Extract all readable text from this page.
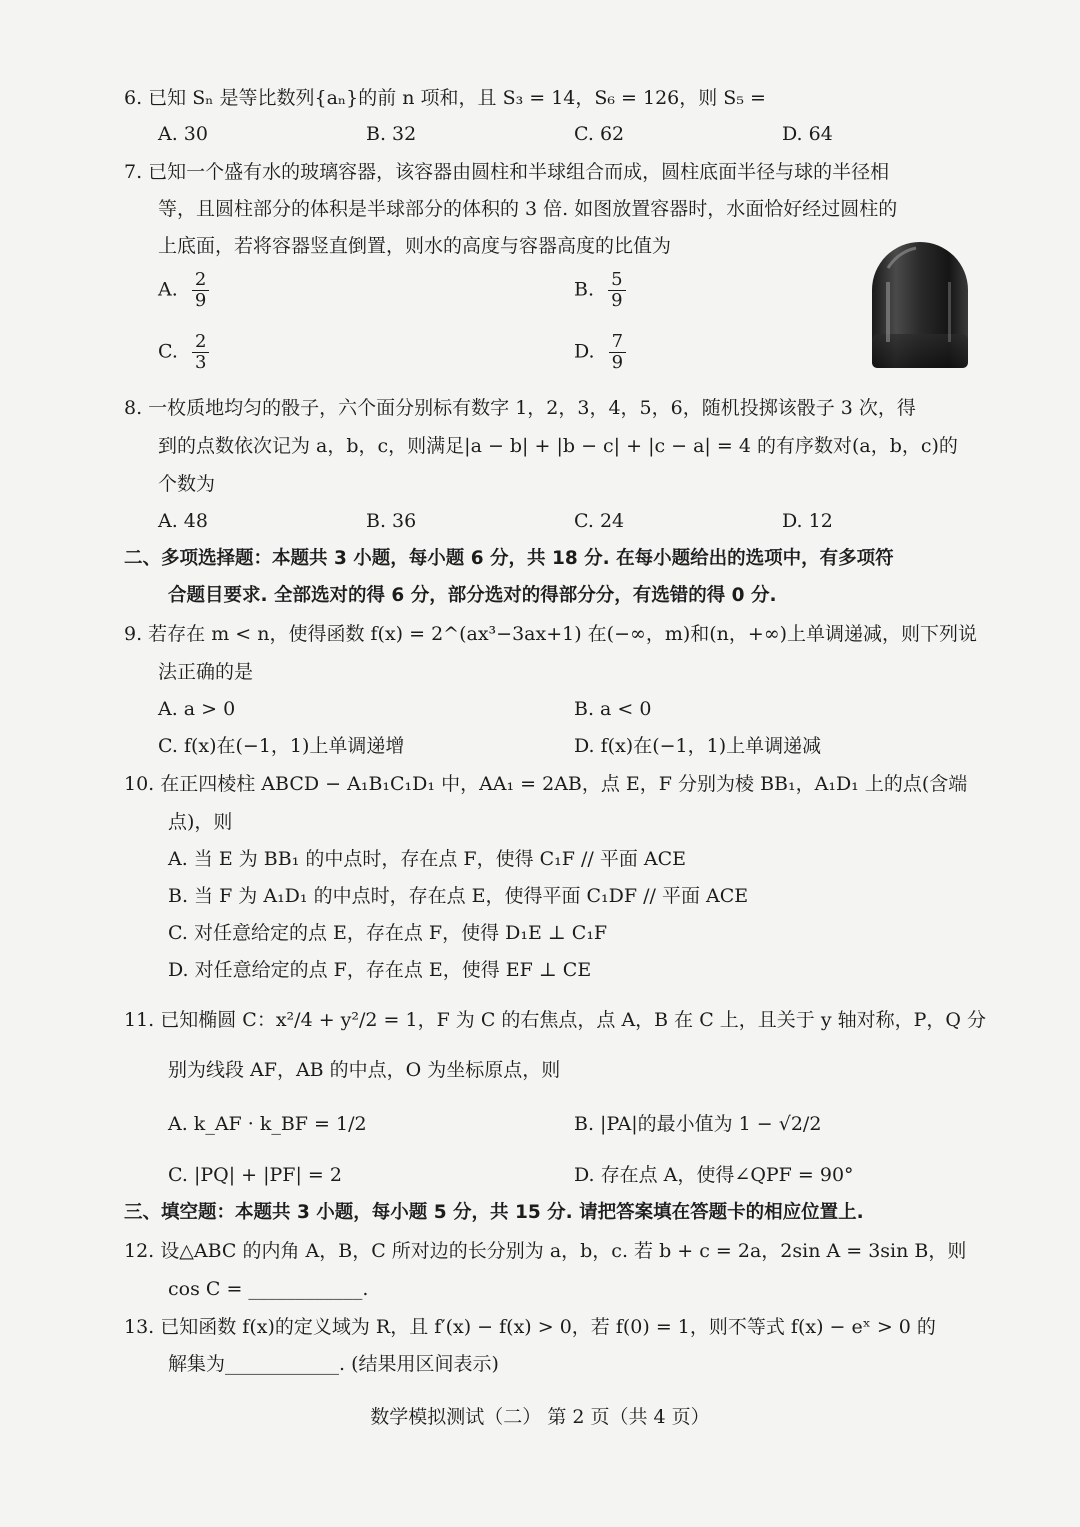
6. 已知 Sₙ 是等比数列{aₙ}的前 n 项和，且 S₃ = 14，S₆ = 126，则 S₅ =
A. 30	B. 32	C. 62	D. 64
7. 已知一个盛有水的玻璃容器，该容器由圆柱和半球组合而成，圆柱底面半径与球的半径相
等，且圆柱部分的体积是半球部分的体积的 3 倍. 如图放置容器时，水面恰好经过圆柱的
上底面，若将容器竖直倒置，则水的高度与容器高度的比值为
A. $\frac{2}{9}$	B. $\frac{5}{9}$
C. $\frac{2}{3}$	D. $\frac{7}{9}$
8. 一枚质地均匀的骰子，六个面分别标有数字 1，2，3，4，5，6，随机投掷该骰子 3 次，得
到的点数依次记为 a，b，c，则满足|a − b| + |b − c| + |c − a| = 4 的有序数对(a，b，c)的
个数为
A. 48	B. 36	C. 24	D. 12
二、多项选择题：本题共 3 小题，每小题 6 分，共 18 分. 在每小题给出的选项中，有多项符
合题目要求. 全部选对的得 6 分，部分选对的得部分分，有选错的得 0 分.
9. 若存在 m < n，使得函数 f(x) = 2^(ax³−3ax+1) 在(−∞，m)和(n，+∞)上单调递减，则下列说
法正确的是
A. a > 0	B. a < 0
C. f(x)在(−1，1)上单调递增	D. f(x)在(−1，1)上单调递减
10. 在正四棱柱 ABCD − A₁B₁C₁D₁ 中，AA₁ = 2AB，点 E，F 分别为棱 BB₁，A₁D₁ 上的点(含端
点)，则
A. 当 E 为 BB₁ 的中点时，存在点 F，使得 C₁F // 平面 ACE
B. 当 F 为 A₁D₁ 的中点时，存在点 E，使得平面 C₁DF // 平面 ACE
C. 对任意给定的点 E，存在点 F，使得 D₁E ⊥ C₁F
D. 对任意给定的点 F，存在点 E，使得 EF ⊥ CE
11. 已知椭圆 C：x²/4 + y²/2 = 1，F 为 C 的右焦点，点 A，B 在 C 上，且关于 y 轴对称，P，Q 分
别为线段 AF，AB 的中点，O 为坐标原点，则
A. k_AF · k_BF = 1/2	B. |PA|的最小值为 1 − √2/2
C. |PQ| + |PF| = 2	D. 存在点 A，使得∠QPF = 90°
三、填空题：本题共 3 小题，每小题 5 分，共 15 分. 请把答案填在答题卡的相应位置上.
12. 设△ABC 的内角 A，B，C 所对边的长分别为 a，b，c. 若 b + c = 2a，2sin A = 3sin B，则
cos C = ____________.
13. 已知函数 f(x)的定义域为 R，且 f′(x) − f(x) > 0，若 f(0) = 1，则不等式 f(x) − eˣ > 0 的
解集为____________. (结果用区间表示)
数学模拟测试（二） 第 2 页（共 4 页）
